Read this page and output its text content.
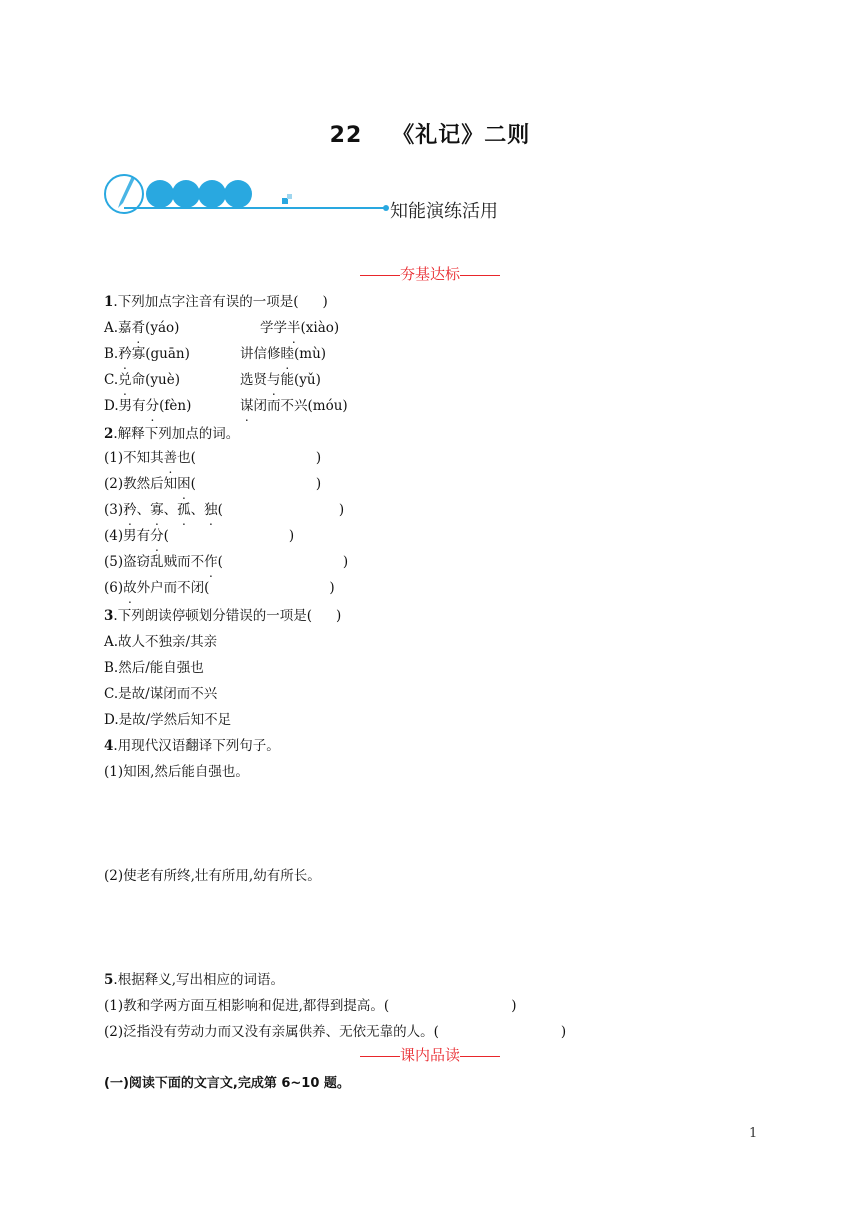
22 《礼记》二则
知能演练活用
夯基达标
1.下列加点字注音有误的一项是( )
A.嘉肴(yáo)	学学半(xiào)
B.矜寡(guān)	讲信修睦(mù)
C.兑命(yuè)	选贤与能(yǔ)
D.男有分(fèn)	谋闭而不兴(móu)
2.解释下列加点的词。
(1)不知其善也(	)
(2)教然后知困(	)
(3)矜、寡、孤、独(	)
(4)男有分(	)
(5)盗窃乱贼而不作(	)
(6)故外户而不闭(	)
3.下列朗读停顿划分错误的一项是( )
A.故人不独亲/其亲
B.然后/能自强也
C.是故/谋闭而不兴
D.是故/学然后知不足
4.用现代汉语翻译下列句子。
(1)知困,然后能自强也。
(2)使老有所终,壮有所用,幼有所长。
5.根据释义,写出相应的词语。
(1)教和学两方面互相影响和促进,都得到提高。(	)
(2)泛指没有劳动力而又没有亲属供养、无依无靠的人。(	)
课内品读
(一)阅读下面的文言文,完成第 6~10 题。
1
